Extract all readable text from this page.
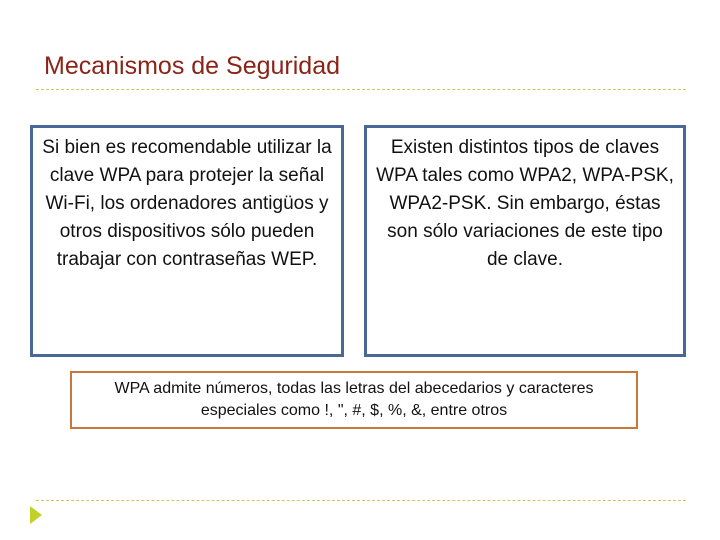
Mecanismos de Seguridad
Si bien es recomendable utilizar la clave WPA para protejer la señal Wi-Fi, los ordenadores antigüos y otros dispositivos sólo pueden trabajar con contraseñas WEP.
Existen distintos tipos de claves WPA tales como WPA2, WPA-PSK, WPA2-PSK. Sin embargo, éstas son sólo variaciones de este tipo de clave.
WPA admite números, todas las letras del abecedarios y caracteres especiales como !, ", #, $, %, &, entre otros
